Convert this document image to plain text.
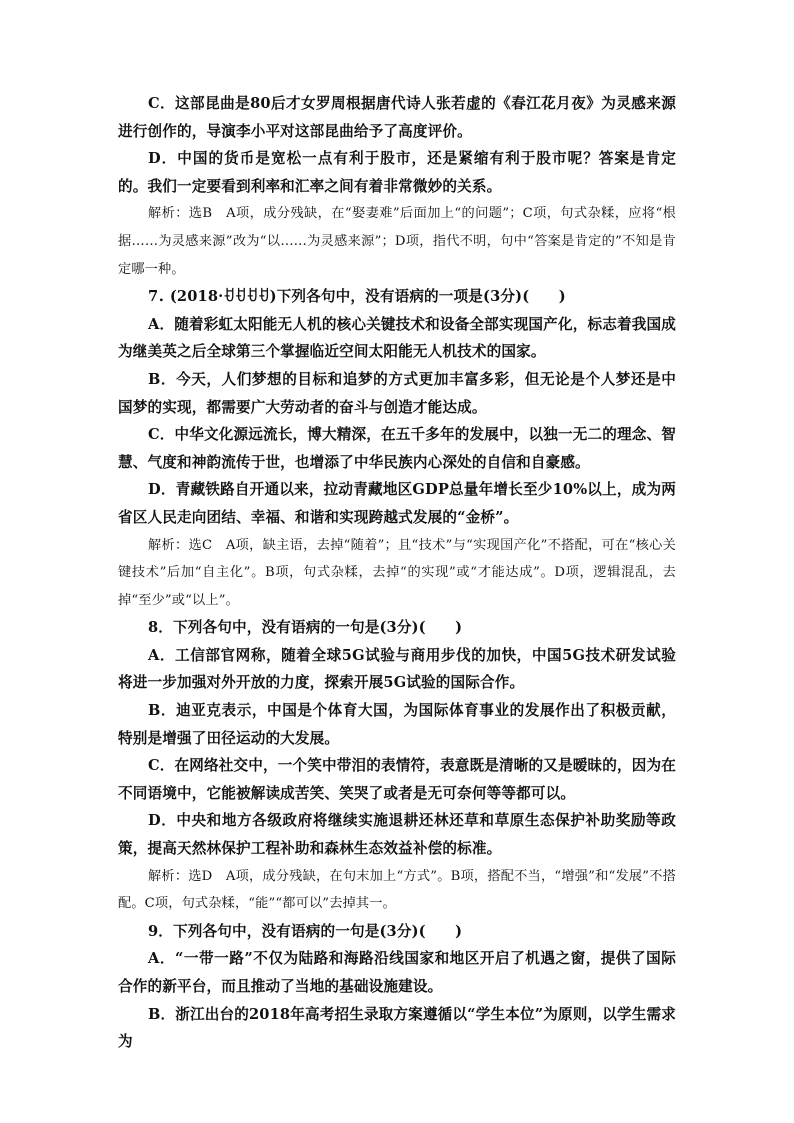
C．这部昆曲是80后才女罗周根据唐代诗人张若虚的《春江花月夜》为灵感来源进行创作的，导演李小平对这部昆曲给予了高度评价。

D．中国的货币是宽松一点有利于股市，还是紧缩有利于股市呢？答案是肯定的。我们一定要看到利率和汇率之间有着非常微妙的关系。

解析：选B　A项，成分残缺，在“娶妻难”后面加上“的问题”；C项，句式杂糅，应将“根据……为灵感来源”改为“以……为灵感来源”；D项，指代不明，句中“答案是肯定的”不知是肯定哪一种。

7．(2018·ꀀꀀꀀꀀ)下列各句中，没有语病的一项是(3分)(　　)

A．随着彩虹太阳能无人机的核心关键技术和设备全部实现国产化，标志着我国成为继美英之后全球第三个掌握临近空间太阳能无人机技术的国家。

B．今天，人们梦想的目标和追梦的方式更加丰富多彩，但无论是个人梦还是中国梦的实现，都需要广大劳动者的奋斗与创造才能达成。

C．中华文化源远流长，博大精深，在五千多年的发展中，以独一无二的理念、智慧、气度和神韵流传于世，也增添了中华民族内心深处的自信和自豪感。

D．青藏铁路自开通以来，拉动青藏地区GDP总量年增长至少10%以上，成为两省区人民走向团结、幸福、和谐和实现跨越式发展的“金桥”。

解析：选C　A项，缺主语，去掉“随着”；且“技术”与“实现国产化”不搭配，可在“核心关键技术”后加“自主化”。B项，句式杂糅，去掉“的实现”或“才能达成”。D项，逻辑混乱，去掉“至少”或“以上”。

8．下列各句中，没有语病的一句是(3分)(　　)

A．工信部官网称，随着全球5G试验与商用步伐的加快，中国5G技术研发试验将进一步加强对外开放的力度，探索开展5G试验的国际合作。

B．迪亚克表示，中国是个体育大国，为国际体育事业的发展作出了积极贡献，特别是增强了田径运动的大发展。

C．在网络社交中，一个笑中带泪的表情符，表意既是清晰的又是暧昧的，因为在不同语境中，它能被解读成苦笑、笑哭了或者是无可奈何等等都可以。

D．中央和地方各级政府将继续实施退耕还林还草和草原生态保护补助奖励等政策，提高天然林保护工程补助和森林生态效益补偿的标准。

解析：选D　A项，成分残缺，在句末加上“方式”。B项，搭配不当，“增强”和“发展”不搭配。C项，句式杂糅，“能”“都可以”去掉其一。

9．下列各句中，没有语病的一句是(3分)(　　)

A．“一带一路”不仅为陆路和海路沿线国家和地区开启了机遇之窗，提供了国际合作的新平台，而且推动了当地的基础设施建设。

B．浙江出台的2018年高考招生录取方案遵循以“学生本位”为原则，以学生需求为
